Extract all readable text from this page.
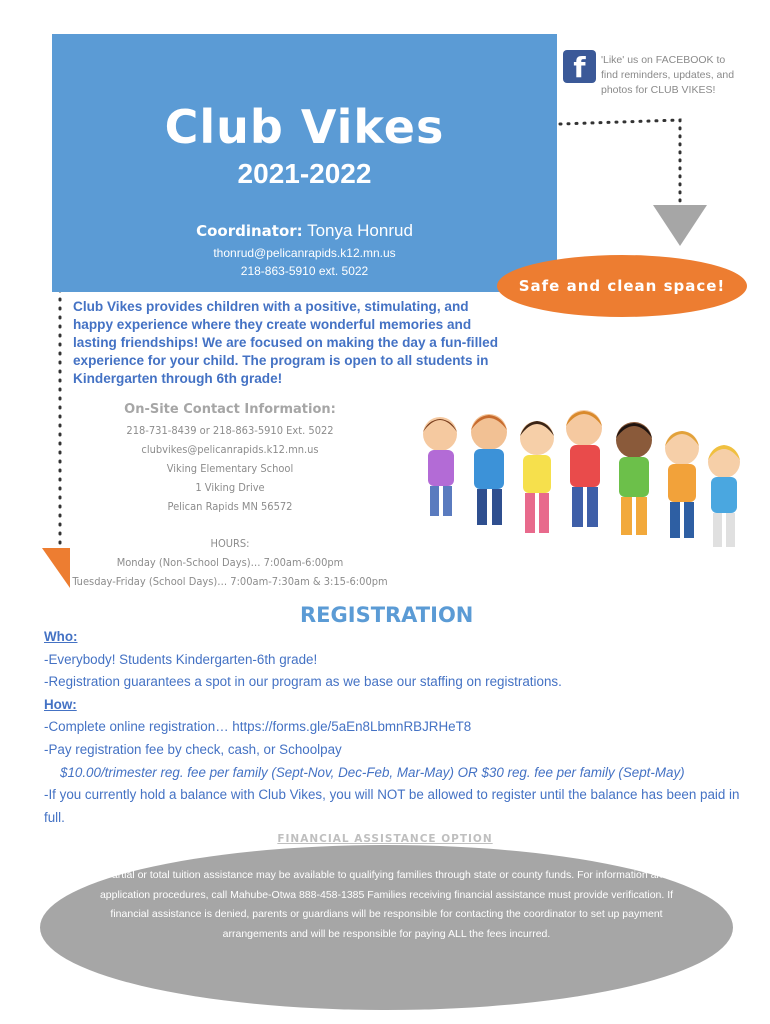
Club Vikes
2021-2022
Coordinator: Tonya Honrud
thonrud@pelicanrapids.k12.mn.us
218-863-5910 ext. 5022
f	'Like' us on FACEBOOK to find reminders, updates, and photos for CLUB VIKES!
Safe and clean space!
Club Vikes provides children with a positive, stimulating, and happy experience where they create wonderful memories and lasting friendships! We are focused on making the day a fun-filled experience for your child. The program is open to all students in Kindergarten through 6th grade!
On-Site Contact Information:
218-731-8439 or 218-863-5910 Ext. 5022
clubvikes@pelicanrapids.k12.mn.us
Viking Elementary School
1 Viking Drive
Pelican Rapids MN 56572
HOURS:
Monday (Non-School Days)… 7:00am-6:00pm
Tuesday-Friday (School Days)… 7:00am-7:30am & 3:15-6:00pm
REGISTRATION
Who:
-Everybody! Students Kindergarten-6th grade!
-Registration guarantees a spot in our program as we base our staffing on registrations.
How:
-Complete online registration… https://forms.gle/5aEn8LbmnRBJRHeT8
-Pay registration fee by check, cash, or Schoolpay
$10.00/trimester reg. fee per family (Sept-Nov, Dec-Feb, Mar-May) OR $30 reg. fee per family (Sept-May)
-If you currently hold a balance with Club Vikes, you will NOT be allowed to register until the balance has been paid in full.
FINANCIAL ASSISTANCE OPTION
Partial or total tuition assistance may be available to qualifying families through state or county funds. For information and application procedures, call Mahube-Otwa 888-458-1385 Families receiving financial assistance must provide verification. If financial assistance is denied, parents or guardians will be responsible for contacting the coordinator to set up payment arrangements and will be responsible for paying ALL the fees incurred.
